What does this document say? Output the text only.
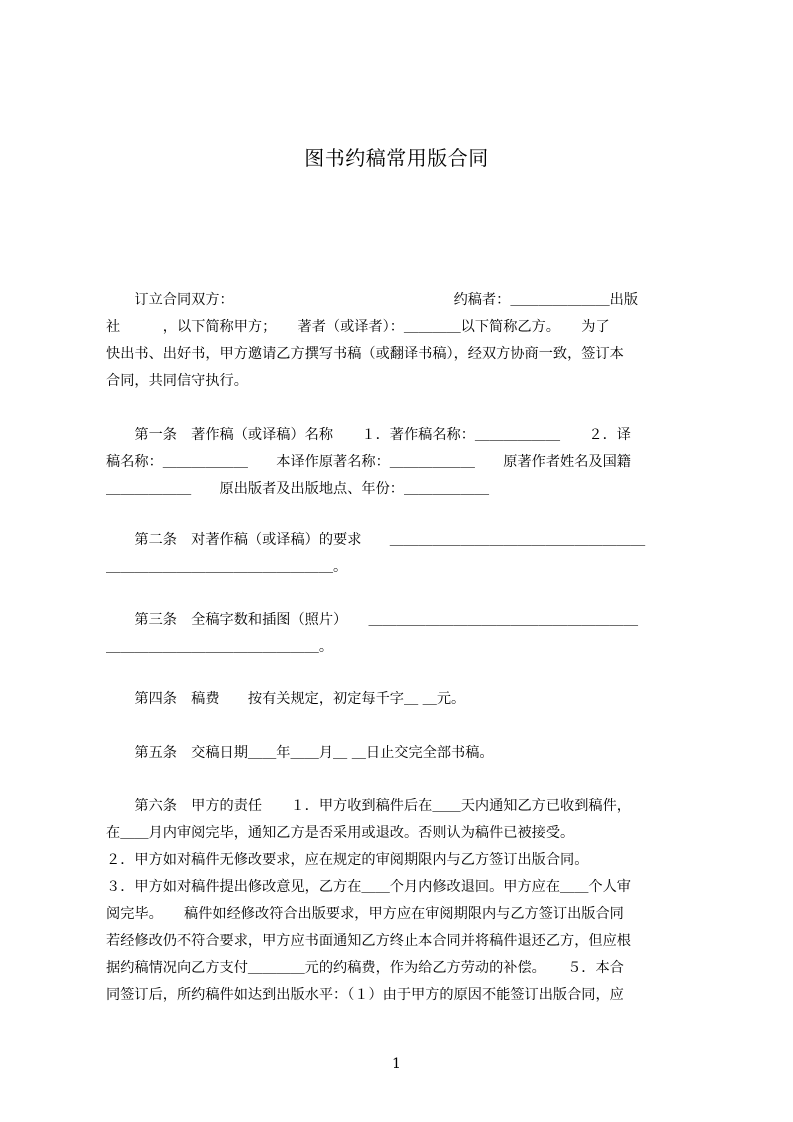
图书约稿常用版合同
　　订立合同双方：　　　　　　　　　　　　　　　　约稿者：＿＿＿＿＿＿＿出版
社　　　，以下简称甲方；　　著者（或译者）：＿＿＿＿以下简称乙方。　　为了
快出书、出好书，甲方邀请乙方撰写书稿（或翻译书稿），经双方协商一致，签订本
合同，共同信守执行。
　　第一条　著作稿（或译稿）名称　　１．著作稿名称：＿＿＿＿＿＿　　２．译
稿名称：＿＿＿＿＿＿　　本译作原著名称：＿＿＿＿＿＿　　原著作者姓名及国籍
＿＿＿＿＿＿　　原出版者及出版地点、年份：＿＿＿＿＿＿
　　第二条　对著作稿（或译稿）的要求　　＿＿＿＿＿＿＿＿＿＿＿＿＿＿＿＿＿＿
＿＿＿＿＿＿＿＿＿＿＿＿＿＿＿＿。
　　第三条　全稿字数和插图（照片）　　＿＿＿＿＿＿＿＿＿＿＿＿＿＿＿＿＿＿＿
＿＿＿＿＿＿＿＿＿＿＿＿＿＿＿。
　　第四条　稿费　　按有关规定，初定每千字＿ ＿元。
　　第五条　交稿日期＿＿年＿＿月＿ ＿日止交完全部书稿。
　　第六条　甲方的责任　　１．甲方收到稿件后在＿＿天内通知乙方已收到稿件，
在＿＿月内审阅完毕，通知乙方是否采用或退改。否则认为稿件已被接受。
２．甲方如对稿件无修改要求，应在规定的审阅期限内与乙方签订出版合同。
３．甲方如对稿件提出修改意见，乙方在＿＿个月内修改退回。甲方应在＿＿个人审
阅完毕。　　稿件如经修改符合出版要求，甲方应在审阅期限内与乙方签订出版合同
若经修改仍不符合要求，甲方应书面通知乙方终止本合同并将稿件退还乙方，但应根
据约稿情况向乙方支付＿＿＿＿元的约稿费，作为给乙方劳动的补偿。　　５．本合
同签订后，所约稿件如达到出版水平：（１）由于甲方的原因不能签订出版合同，应
1
